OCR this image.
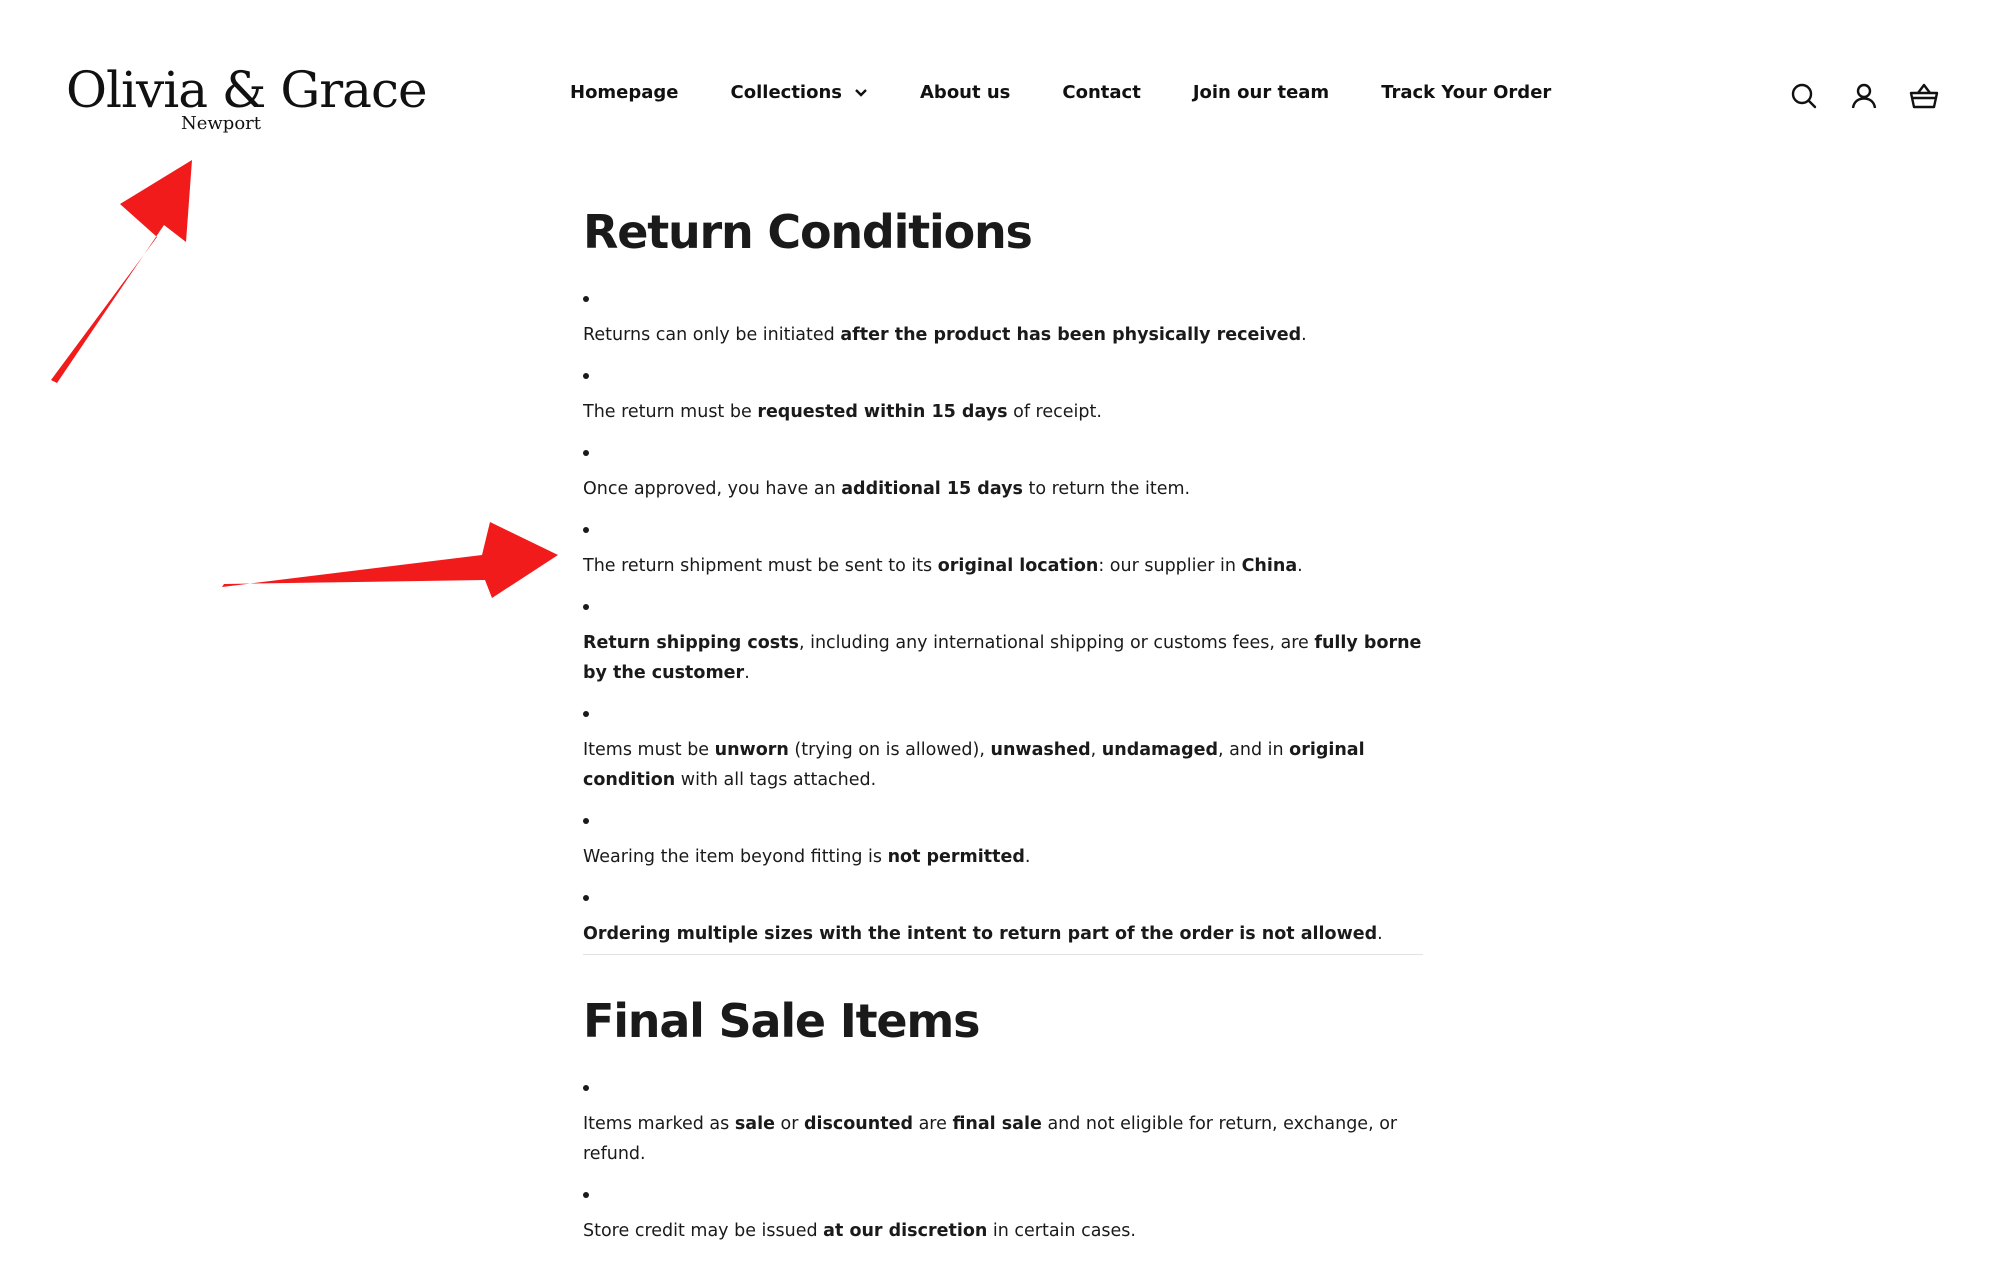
Olivia & Grace
Newport
Homepage	Collections	About us	Contact	Join our team	Track Your Order
Return Conditions
Returns can only be initiated after the product has been physically received.
The return must be requested within 15 days of receipt.
Once approved, you have an additional 15 days to return the item.
The return shipment must be sent to its original location: our supplier in China.
Return shipping costs, including any international shipping or customs fees, are fully borne by the customer.
Items must be unworn (trying on is allowed), unwashed, undamaged, and in original condition with all tags attached.
Wearing the item beyond fitting is not permitted.
Ordering multiple sizes with the intent to return part of the order is not allowed.
Final Sale Items
Items marked as sale or discounted are final sale and not eligible for return, exchange, or refund.
Store credit may be issued at our discretion in certain cases.
